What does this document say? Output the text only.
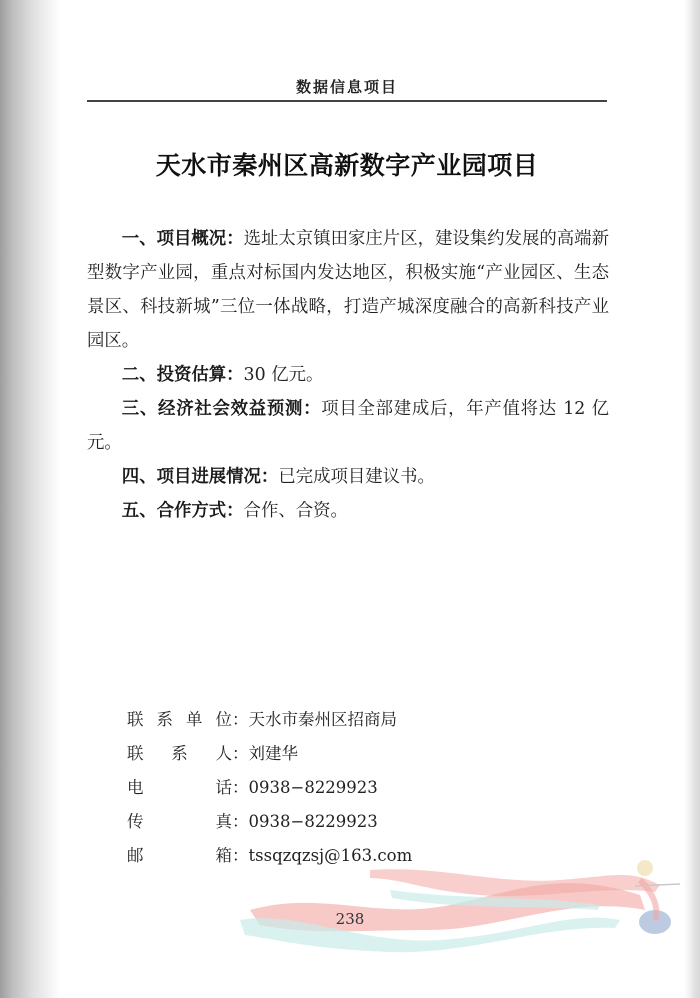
数据信息项目
天水市秦州区高新数字产业园项目

一、项目概况：选址太京镇田家庄片区，建设集约发展的高端新型数字产业园，重点对标国内发达地区，积极实施“产业园区、生态景区、科技新城”三位一体战略，打造产城深度融合的高新科技产业园区。

二、投资估算：30 亿元。

三、经济社会效益预测：项目全部建成后，年产值将达 12 亿元。

四、项目进展情况：已完成项目建议书。

五、合作方式：合作、合资。

联 系 单 位 ： 天水市秦州区招商局
联 系 人 ： 刘建华
电	话 ： 0938−8229923
传	真 ： 0938−8229923
邮	箱 ： tssqzqzsj@163.com
238
